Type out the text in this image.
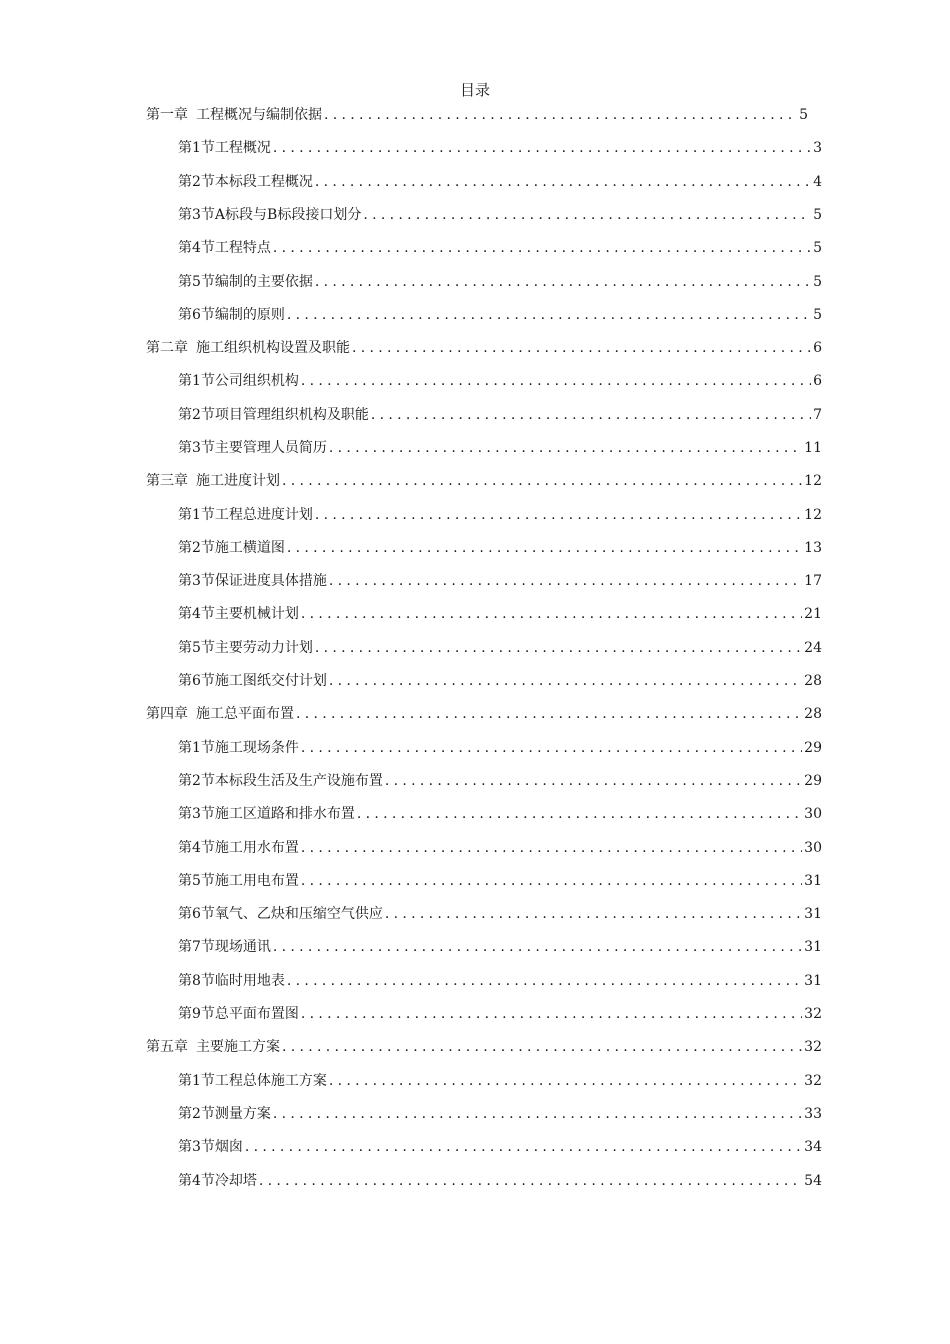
目录
第一章 工程概况与编制依据 .....	5
第1节 工程概况 .....	3
第2节 本标段工程概况 .....	4
第3节 A标段与B标段接口划分 .....	5
第4节 工程特点 .....	5
第5节 编制的主要依据 .....	5
第6节 编制的原则 .....	5
第二章 施工组织机构设置及职能 .....	6
第1节 公司组织机构 .....	6
第2节 项目管理组织机构及职能 .....	7
第3节 主要管理人员简历 .....	11
第三章 施工进度计划 .....	12
第1节 工程总进度计划 .....	12
第2节 施工横道图 .....	13
第3节 保证进度具体措施 .....	17
第4节 主要机械计划 .....	21
第5节 主要劳动力计划 .....	24
第6节 施工图纸交付计划 .....	28
第四章 施工总平面布置 .....	28
第1节 施工现场条件 .....	29
第2节 本标段生活及生产设施布置 .....	29
第3节 施工区道路和排水布置 .....	30
第4节 施工用水布置 .....	30
第5节 施工用电布置 .....	31
第6节 氧气、乙炔和压缩空气供应 .....	31
第7节 现场通讯 .....	31
第8节 临时用地表 .....	31
第9节 总平面布置图 .....	32
第五章 主要施工方案 .....	32
第1节 工程总体施工方案 .....	32
第2节 测量方案 .....	33
第3节 烟囱 .....	34
第4节 冷却塔 .....	54
